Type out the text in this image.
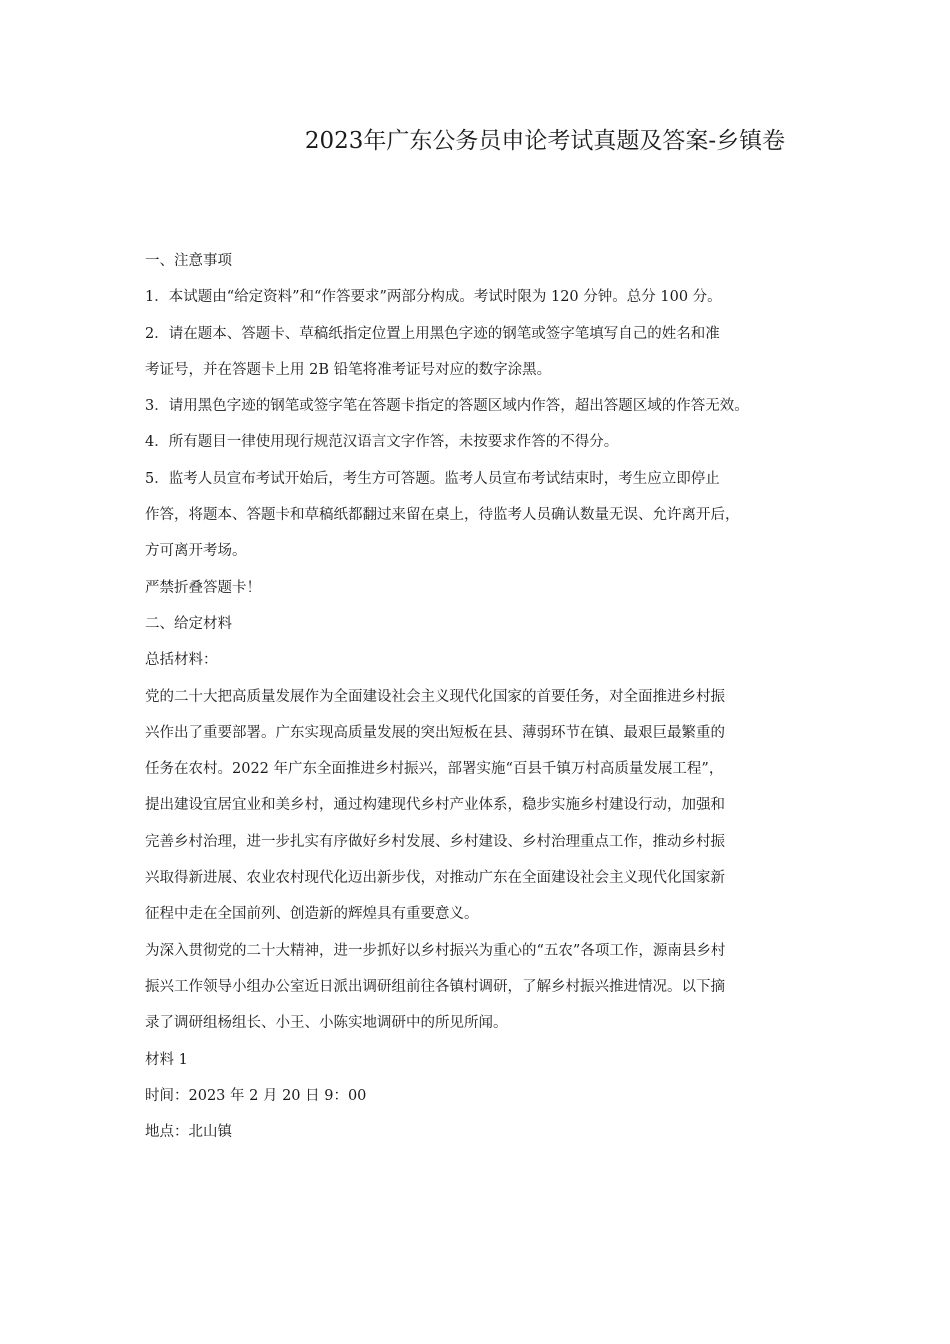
2023年广东公务员申论考试真题及答案-乡镇卷
一、注意事项
1．本试题由“给定资料”和“作答要求”两部分构成。考试时限为 120 分钟。总分 100 分。
2．请在题本、答题卡、草稿纸指定位置上用黑色字迹的钢笔或签字笔填写自己的姓名和准
考证号，并在答题卡上用 2B 铅笔将准考证号对应的数字涂黑。
3．请用黑色字迹的钢笔或签字笔在答题卡指定的答题区域内作答，超出答题区域的作答无效。
4．所有题目一律使用现行规范汉语言文字作答，未按要求作答的不得分。
5．监考人员宣布考试开始后，考生方可答题。监考人员宣布考试结束时，考生应立即停止
作答，将题本、答题卡和草稿纸都翻过来留在桌上，待监考人员确认数量无误、允许离开后，
方可离开考场。
严禁折叠答题卡！
二、给定材料
总括材料：
党的二十大把高质量发展作为全面建设社会主义现代化国家的首要任务，对全面推进乡村振
兴作出了重要部署。广东实现高质量发展的突出短板在县、薄弱环节在镇、最艰巨最繁重的
任务在农村。2022 年广东全面推进乡村振兴，部署实施“百县千镇万村高质量发展工程”，
提出建设宜居宜业和美乡村，通过构建现代乡村产业体系，稳步实施乡村建设行动，加强和
完善乡村治理，进一步扎实有序做好乡村发展、乡村建设、乡村治理重点工作，推动乡村振
兴取得新进展、农业农村现代化迈出新步伐，对推动广东在全面建设社会主义现代化国家新
征程中走在全国前列、创造新的辉煌具有重要意义。
为深入贯彻党的二十大精神，进一步抓好以乡村振兴为重心的“五农”各项工作，源南县乡村
振兴工作领导小组办公室近日派出调研组前往各镇村调研，了解乡村振兴推进情况。以下摘
录了调研组杨组长、小王、小陈实地调研中的所见所闻。
材料 1
时间：2023 年 2 月 20 日 9：00
地点：北山镇
